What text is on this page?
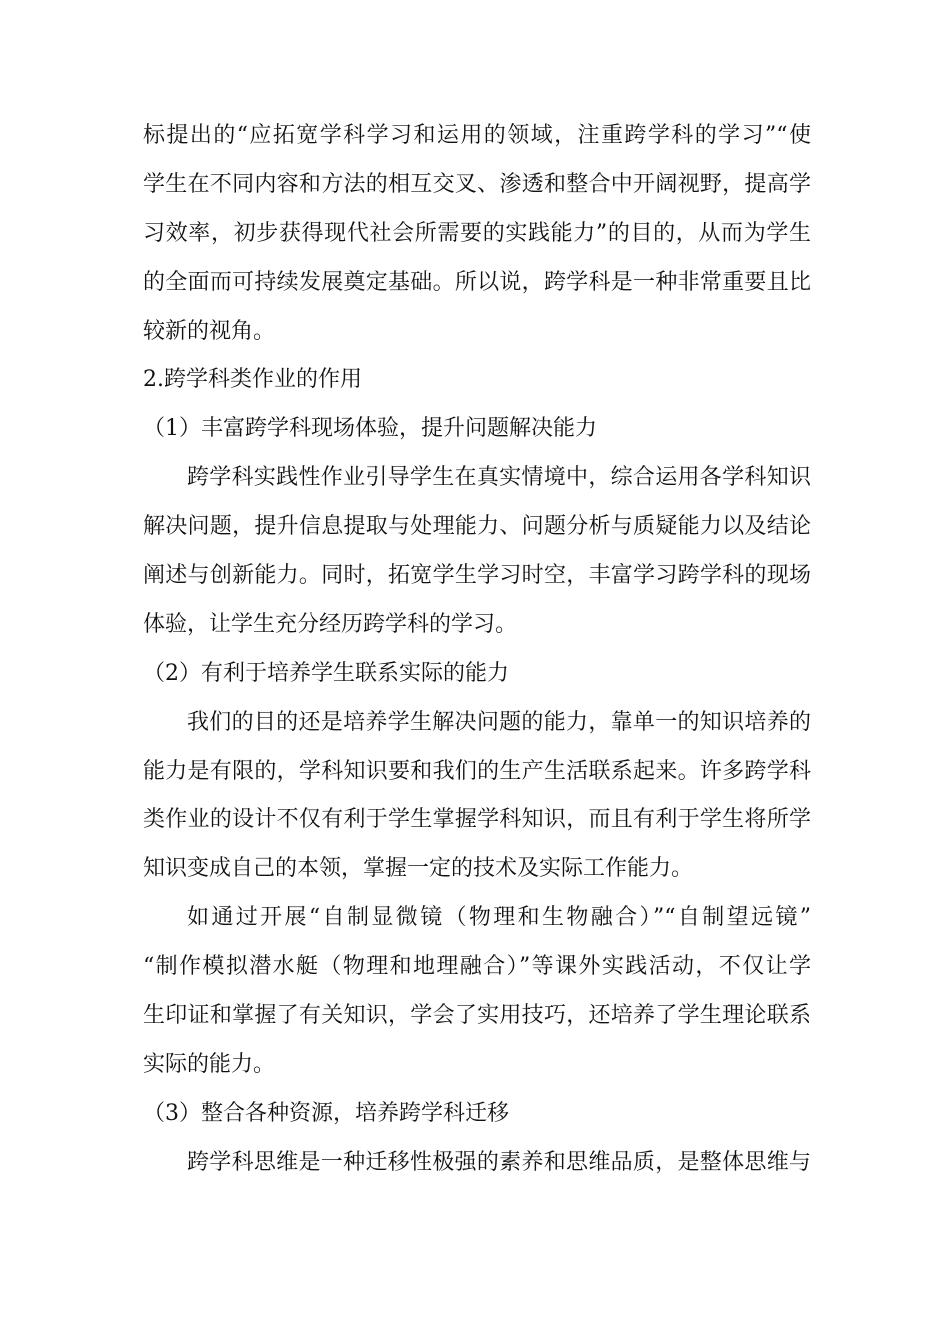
标提出的“应拓宽学科学习和运用的领域，注重跨学科的学习”“使
学生在不同内容和方法的相互交叉、渗透和整合中开阔视野，提高学
习效率，初步获得现代社会所需要的实践能力”的目的，从而为学生
的全面而可持续发展奠定基础。所以说，跨学科是一种非常重要且比
较新的视角。
2.跨学科类作业的作用
（1）丰富跨学科现场体验，提升问题解决能力
跨学科实践性作业引导学生在真实情境中，综合运用各学科知识
解决问题，提升信息提取与处理能力、问题分析与质疑能力以及结论
阐述与创新能力。同时，拓宽学生学习时空，丰富学习跨学科的现场
体验，让学生充分经历跨学科的学习。
（2）有利于培养学生联系实际的能力
我们的目的还是培养学生解决问题的能力，靠单一的知识培养的
能力是有限的，学科知识要和我们的生产生活联系起来。许多跨学科
类作业的设计不仅有利于学生掌握学科知识，而且有利于学生将所学
知识变成自己的本领，掌握一定的技术及实际工作能力。
如通过开展“自制显微镜（物理和生物融合）”“自制望远镜”
“制作模拟潜水艇（物理和地理融合）”等课外实践活动，不仅让学
生印证和掌握了有关知识，学会了实用技巧，还培养了学生理论联系
实际的能力。
（3）整合各种资源，培养跨学科迁移
跨学科思维是一种迁移性极强的素养和思维品质，是整体思维与
